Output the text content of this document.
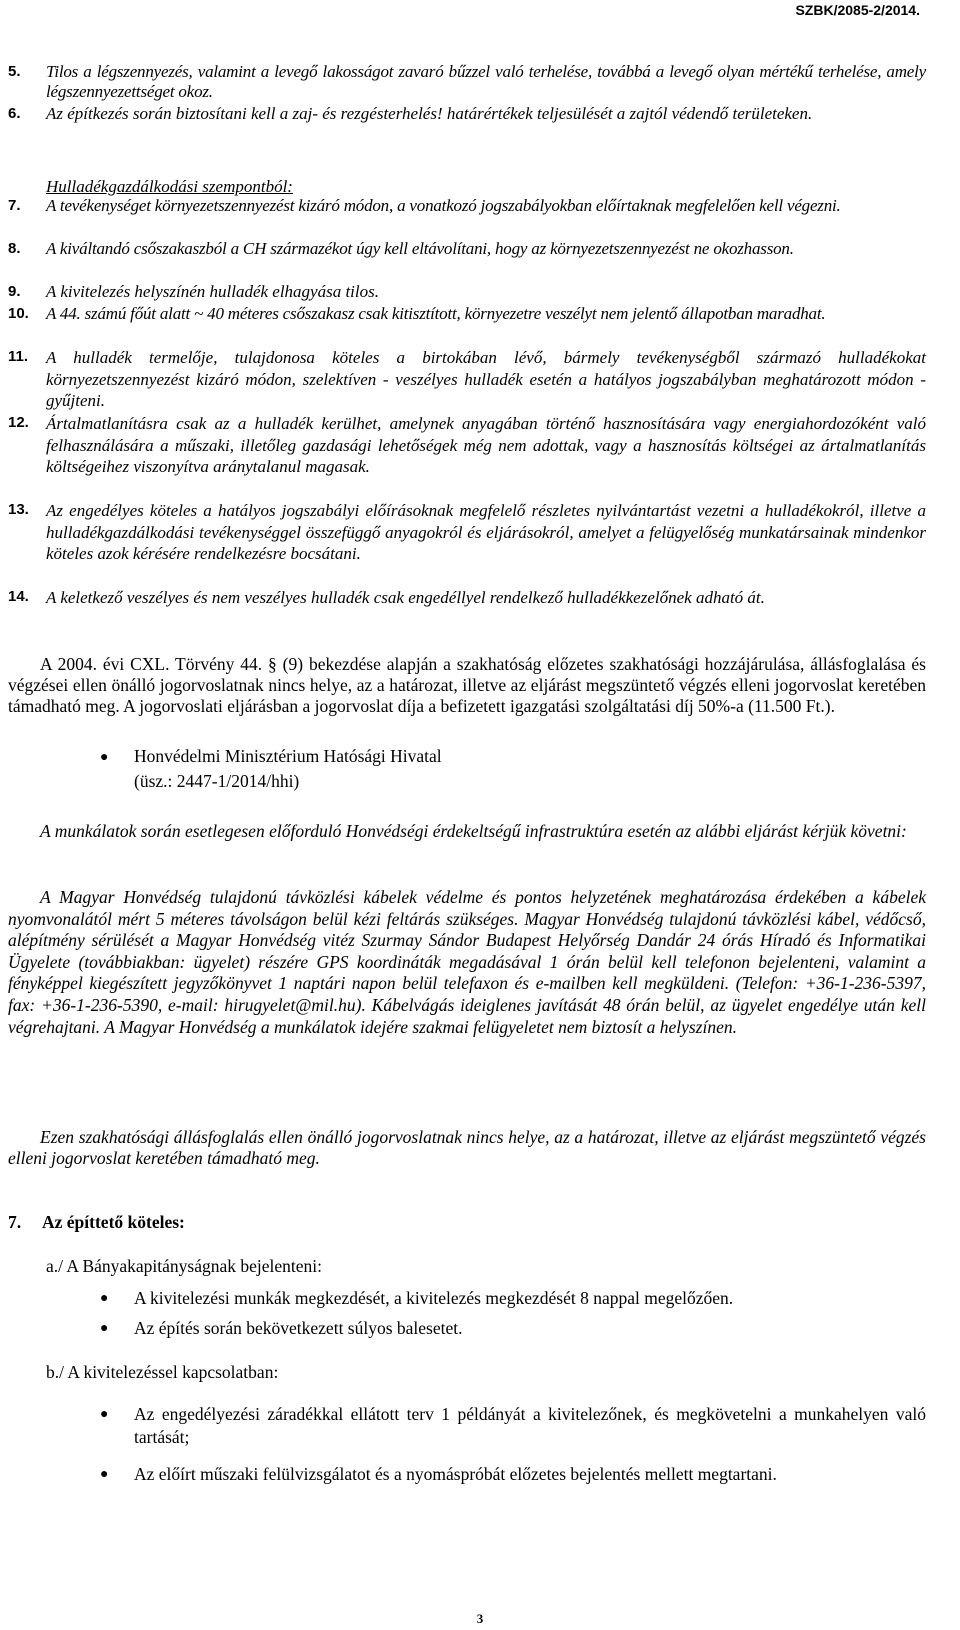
SZBK/2085-2/2014.
5. Tilos a légszennyezés, valamint a levegő lakosságot zavaró bűzzel való terhelése, továbbá a levegő olyan mértékű terhelése, amely légszennyezettséget okoz.
6. Az építkezés során biztosítani kell a zaj- és rezgésterhelés! határértékek teljesülését a zajtól védendő területeken.
Hulladékgazdálkodási szempontból:
7. A tevékenységet környezetszennyezést kizáró módon, a vonatkozó jogszabályokban előírtaknak megfelelően kell végezni.
8. A kiváltandó csőszakaszból a CH származékot úgy kell eltávolítani, hogy az környezetszennyezést ne okozhasson.
9. A kivitelezés helyszínén hulladék elhagyása tilos.
10. A 44. számú főút alatt ~ 40 méteres csőszakasz csak kitisztított, környezetre veszélyt nem jelentő állapotban maradhat.
11. A hulladék termelője, tulajdonosa köteles a birtokában lévő, bármely tevékenységből származó hulladékokat környezetszennyezést kizáró módon, szelektíven - veszélyes hulladék esetén a hatályos jogszabályban meghatározott módon - gyűjteni.
12. Ártalmatlanításra csak az a hulladék kerülhet, amelynek anyagában történő hasznosítására vagy energiahordozóként való felhasználására a műszaki, illetőleg gazdasági lehetőségek még nem adottak, vagy a hasznosítás költségei az ártalmatlanítás költségeihez viszonyítva aránytalanul magasak.
13. Az engedélyes köteles a hatályos jogszabályi előírásoknak megfelelő részletes nyilvántartást vezetni a hulladékokról, illetve a hulladékgazdálkodási tevékenységgel összefüggő anyagokról és eljárásokról, amelyet a felügyelőség munkatársainak mindenkor köteles azok kérésére rendelkezésre bocsátani.
14. A keletkező veszélyes és nem veszélyes hulladék csak engedéllyel rendelkező hulladékkezelőnek adható át.
A 2004. évi CXL. Törvény 44. § (9) bekezdése alapján a szakhatóság előzetes szakhatósági hozzájárulása, állásfoglalása és végzései ellen önálló jogorvoslatnak nincs helye, az a határozat, illetve az eljárást megszüntető végzés elleni jogorvoslat keretében támadható meg. A jogorvoslati eljárásban a jogorvoslat díja a befizetett igazgatási szolgáltatási díj 50%-a (11.500 Ft.).
● Honvédelmi Minisztérium Hatósági Hivatal
(üsz.: 2447-1/2014/hhi)
A munkálatok során esetlegesen előforduló Honvédségi érdekeltségű infrastruktúra esetén az alábbi eljárást kérjük követni:
A Magyar Honvédség tulajdonú távközlési kábelek védelme és pontos helyzetének meghatározása érdekében a kábelek nyomvonalától mért 5 méteres távolságon belül kézi feltárás szükséges. Magyar Honvédség tulajdonú távközlési kábel, védőcső, alépítmény sérülését a Magyar Honvédség vitéz Szurmay Sándor Budapest Helyőrség Dandár 24 órás Híradó és Informatikai Ügyelete (továbbiakban: ügyelet) részére GPS koordináták megadásával 1 órán belül kell telefonon bejelenteni, valamint a fényképpel kiegészített jegyzőkönyvet 1 naptári napon belül telefaxon és e-mailben kell megküldeni. (Telefon: +36-1-236-5397, fax: +36-1-236-5390, e-mail: hirugyelet@mil.hu). Kábelvágás ideiglenes javítását 48 órán belül, az ügyelet engedélye után kell végrehajtani. A Magyar Honvédség a munkálatok idejére szakmai felügyeletet nem biztosít a helyszínen.
Ezen szakhatósági állásfoglalás ellen önálló jogorvoslatnak nincs helye, az a határozat, illetve az eljárást megszüntető végzés elleni jogorvoslat keretében támadható meg.
7. Az építtető köteles:
a./ A Bányakapitányságnak bejelenteni:
● A kivitelezési munkák megkezdését, a kivitelezés megkezdését 8 nappal megelőzően.
● Az építés során bekövetkezett súlyos balesetet.
b./ A kivitelezéssel kapcsolatban:
● Az engedélyezési záradékkal ellátott terv 1 példányát a kivitelezőnek, és megkövetelni a munkahelyen való tartását;
● Az előírt műszaki felülvizsgálatot és a nyomáspróbát előzetes bejelentés mellett megtartani.
3
